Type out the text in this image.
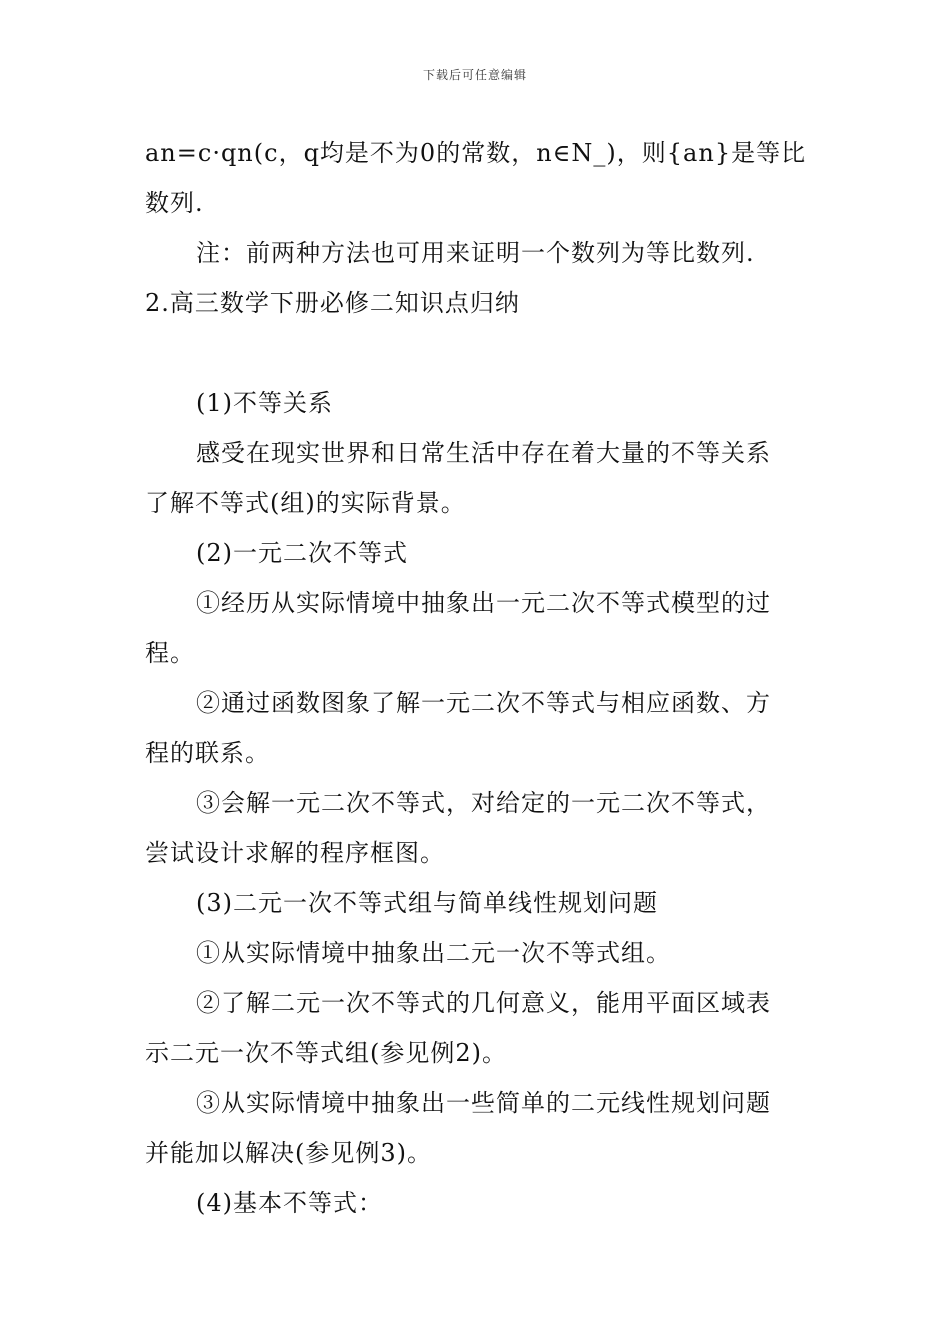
下载后可任意编辑
an=c·qn(c，q均是不为0的常数，n∈N_)，则{an}是等比
数列.
注：前两种方法也可用来证明一个数列为等比数列.
2.高三数学下册必修二知识点归纳
(1)不等关系
感受在现实世界和日常生活中存在着大量的不等关系
了解不等式(组)的实际背景。
(2)一元二次不等式
①经历从实际情境中抽象出一元二次不等式模型的过
程。
②通过函数图象了解一元二次不等式与相应函数、方
程的联系。
③会解一元二次不等式，对给定的一元二次不等式，
尝试设计求解的程序框图。
(3)二元一次不等式组与简单线性规划问题
①从实际情境中抽象出二元一次不等式组。
②了解二元一次不等式的几何意义，能用平面区域表
示二元一次不等式组(参见例2)。
③从实际情境中抽象出一些简单的二元线性规划问题
并能加以解决(参见例3)。
(4)基本不等式：
